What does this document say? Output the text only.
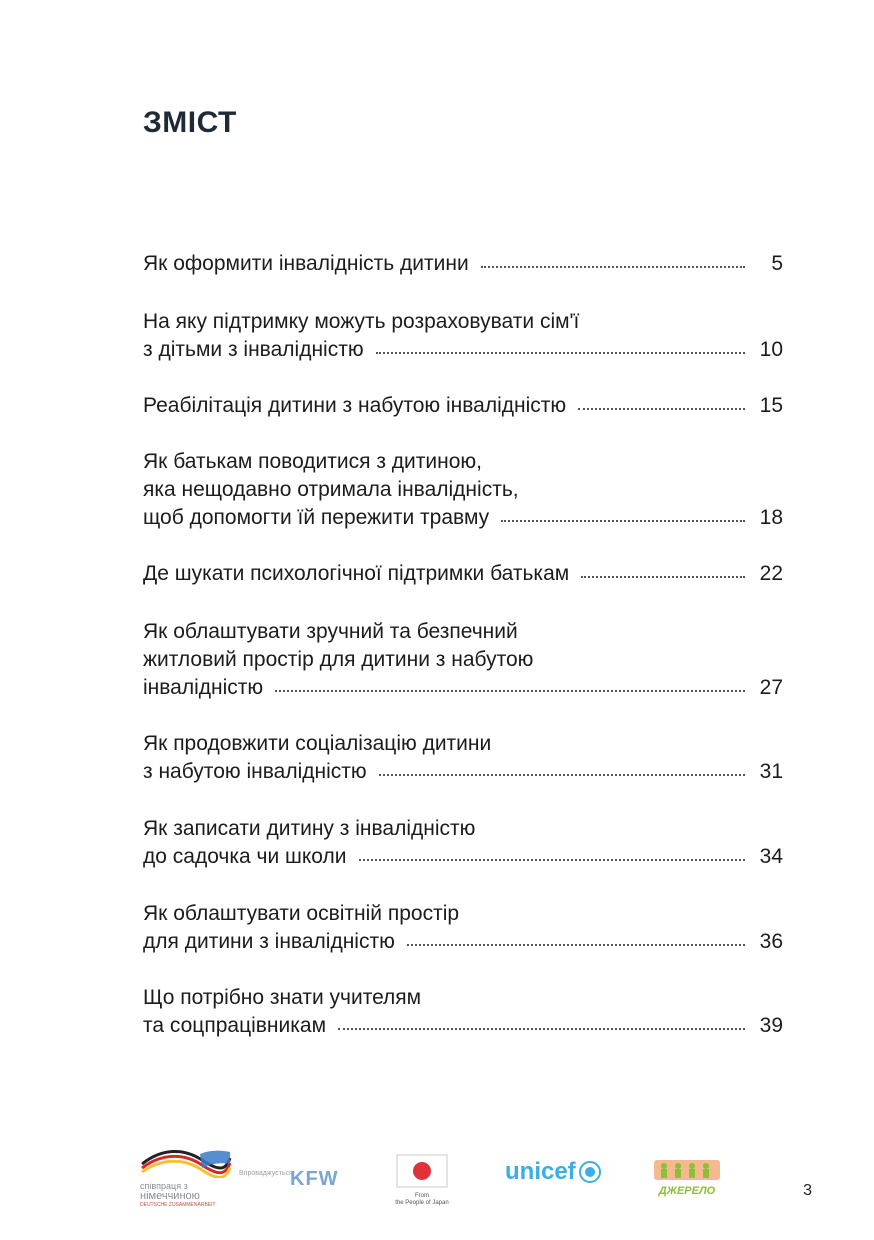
ЗМІСТ
Як оформити інвалідність дитини	5
На яку підтримку можуть розраховувати сім'ї
з дітьми з інвалідністю	10
Реабілітація дитини з набутою інвалідністю	15
Як батькам поводитися з дитиною,
яка нещодавно отримала інвалідність,
щоб допомогти їй пережити травму	18
Де шукати психологічної підтримки батькам	22
Як облаштувати зручний та безпечний
житловий простір для дитини з набутою
інвалідністю	27
Як продовжити соціалізацію дитини
з набутою інвалідністю	31
Як записати дитину з інвалідністю
до садочка чи школи	34
Як облаштувати освітній простір
для дитини з інвалідністю	36
Що потрібно знати учителям
та соцпрацівникам	39
співпраця з
німеччиною
DEUTSCHE ZUSAMMENARBEIT
Впроваджується
KFW
From
the People of Japan
unicef
ДЖЕРЕЛО	3
